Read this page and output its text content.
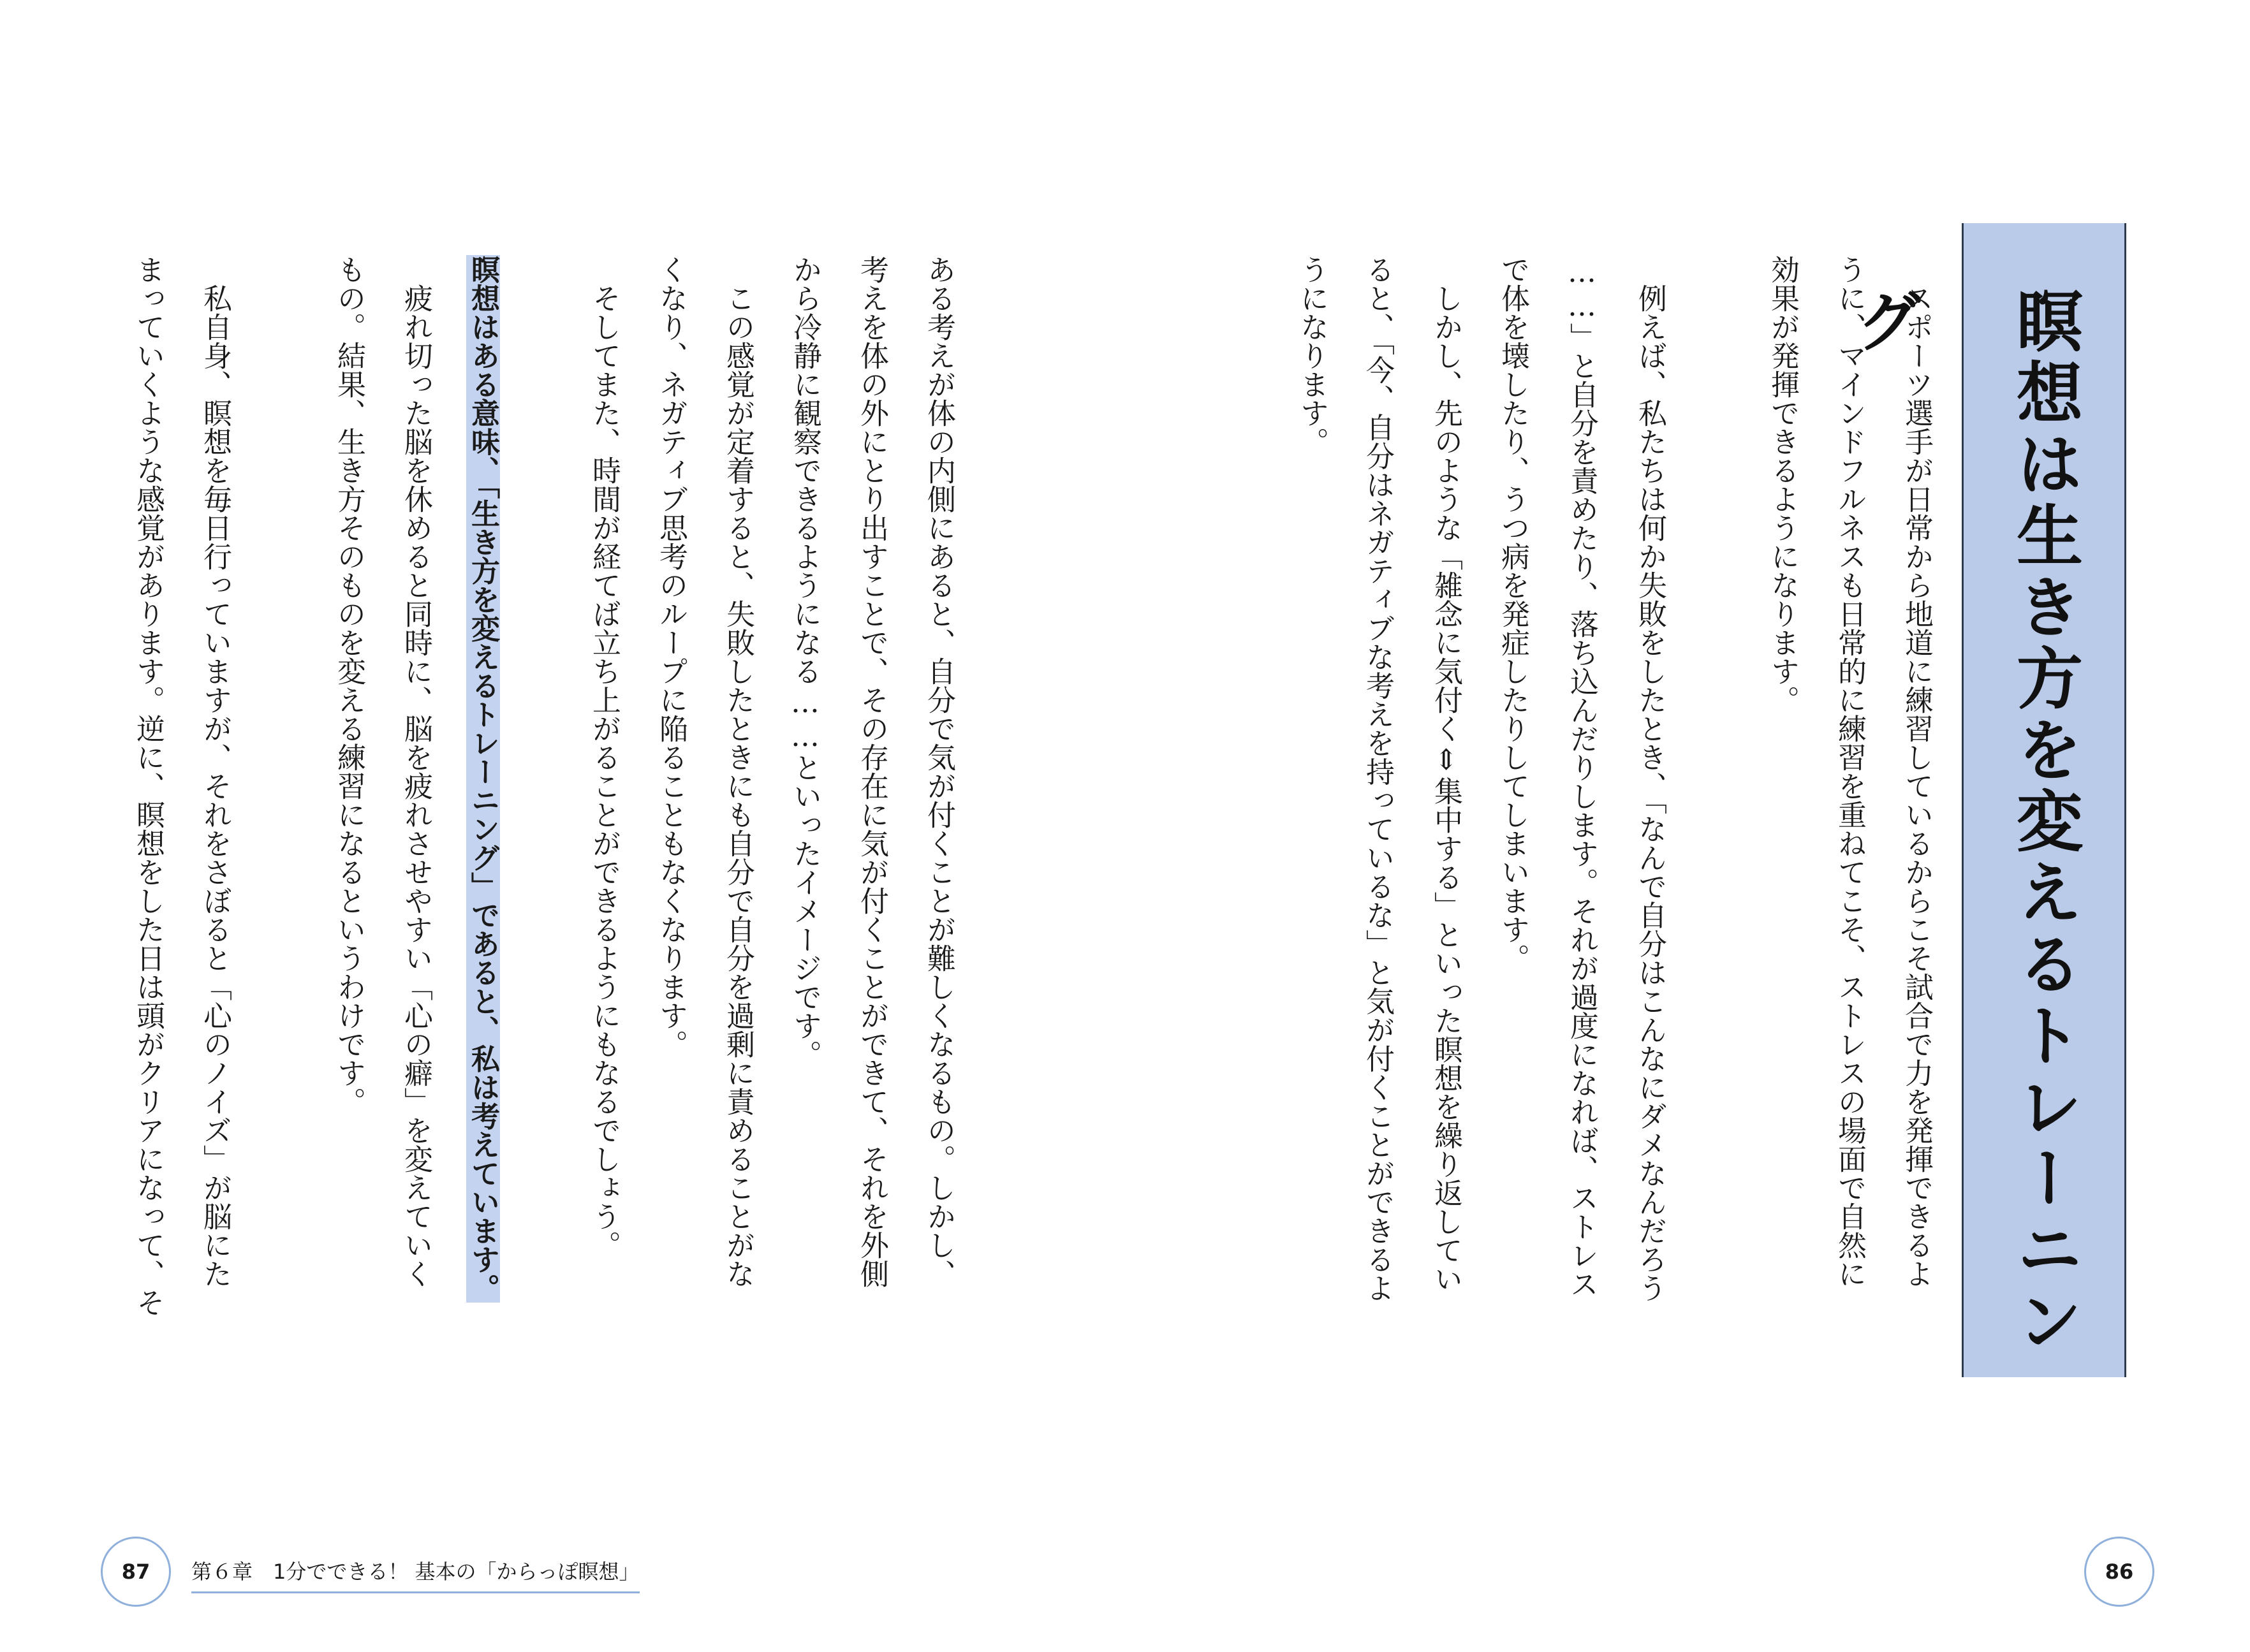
瞑想は生き方を変えるトレーニング
　スポーツ選手が日常から地道に練習しているからこそ試合で力を発揮できるよ
うに、マインドフルネスも日常的に練習を重ねてこそ、ストレスの場面で自然に
効果が発揮できるようになります。
　例えば、私たちは何か失敗をしたとき、「なんで自分はこんなにダメなんだろう
……」と自分を責めたり、落ち込んだりします。それが過度になれば、ストレス
で体を壊したり、うつ病を発症したりしてしまいます。
　しかし、先のような「雑念に気付く⇕集中する」といった瞑想を繰り返してい
ると、「今、自分はネガティブな考えを持っているな」と気が付くことができるよ
うになります。
86
ある考えが体の内側にあると、自分で気が付くことが難しくなるもの。しかし、
考えを体の外にとり出すことで、その存在に気が付くことができて、それを外側
から冷静に観察できるようになる……といったイメージです。
　この感覚が定着すると、失敗したときにも自分で自分を過剰に責めることがな
くなり、ネガティブ思考のループに陥ることもなくなります。
　そしてまた、時間が経てば立ち上がることができるようにもなるでしょう。
瞑想はある意味、「生き方を変えるトレーニング」であると、私は考えています。
　疲れ切った脳を休めると同時に、脳を疲れさせやすい「心の癖」を変えていく
もの。結果、生き方そのものを変える練習になるというわけです。
　私自身、瞑想を毎日行っていますが、それをさぼると「心のノイズ」が脳にた
まっていくような感覚があります。逆に、瞑想をした日は頭がクリアになって、そ
87	第６章　1分でできる！ 基本の「からっぽ瞑想」
